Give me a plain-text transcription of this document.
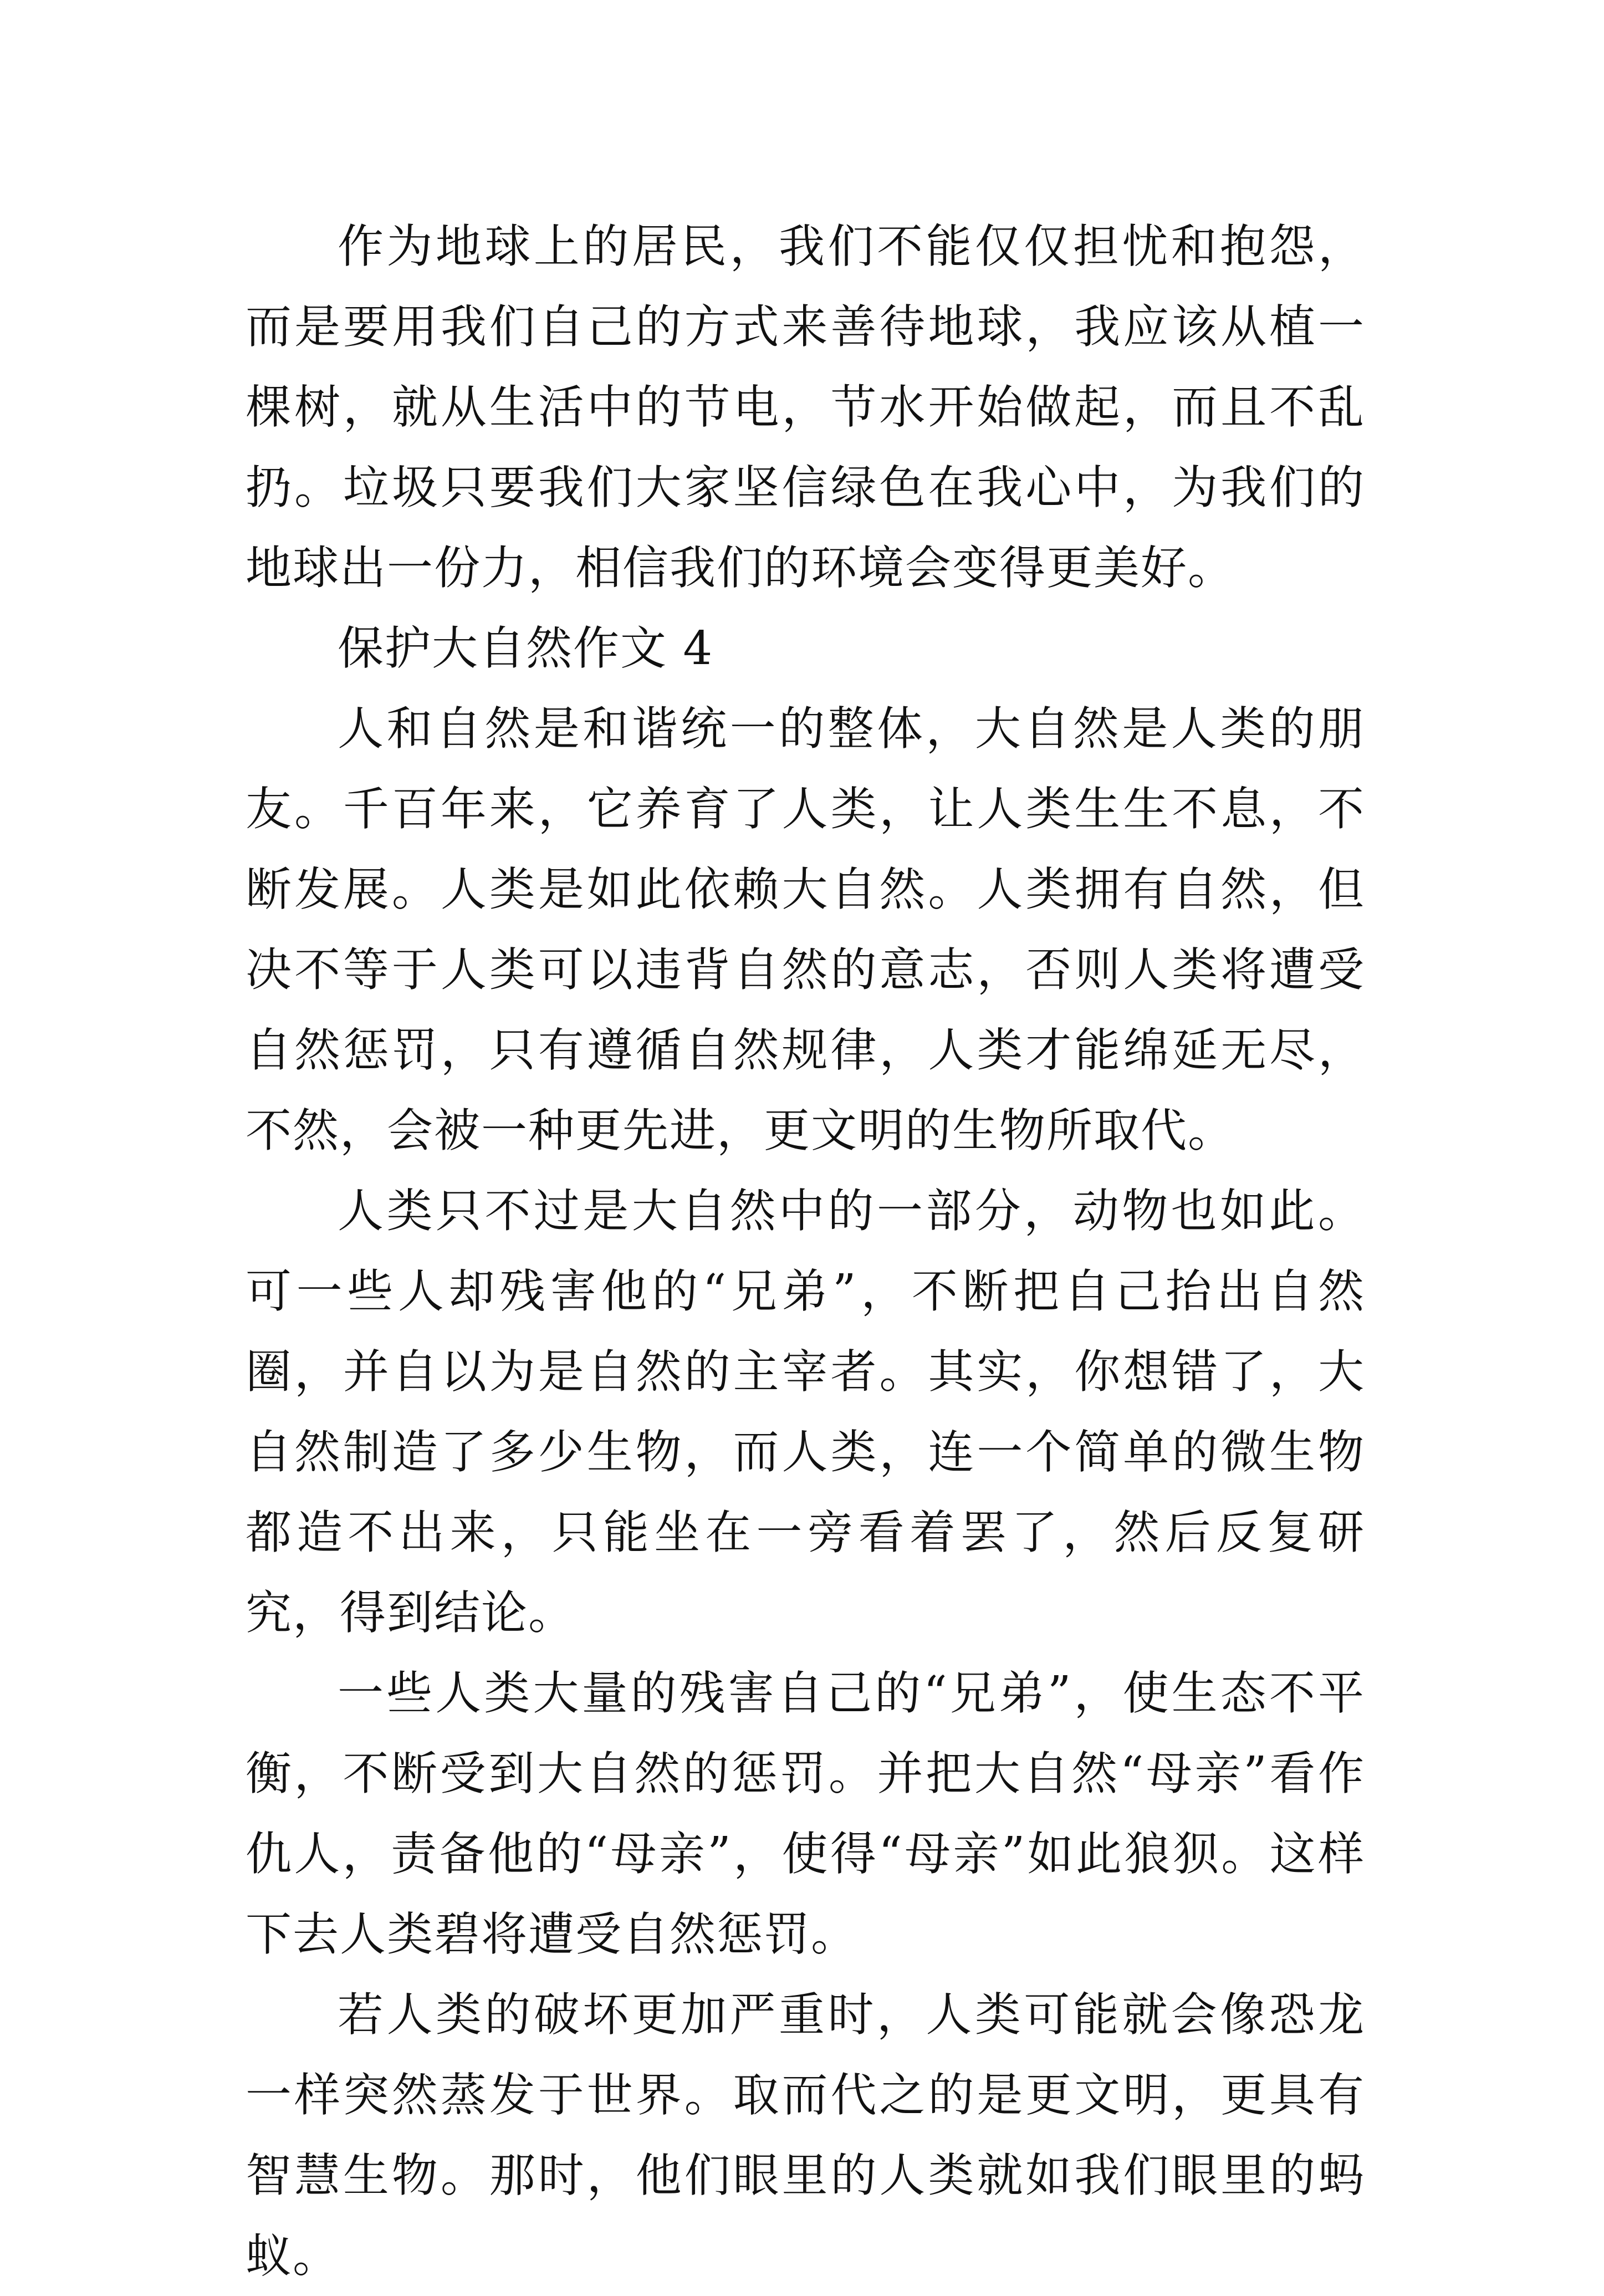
作为地球上的居民，我们不能仅仅担忧和抱怨，而是要用我们自己的方式来善待地球，我应该从植一棵树，就从生活中的节电，节水开始做起，而且不乱扔。垃圾只要我们大家坚信绿色在我心中，为我们的地球出一份力，相信我们的环境会变得更美好。

保护大自然作文 4

人和自然是和谐统一的整体，大自然是人类的朋友。千百年来，它养育了人类，让人类生生不息，不断发展。人类是如此依赖大自然。人类拥有自然，但决不等于人类可以违背自然的意志，否则人类将遭受自然惩罚，只有遵循自然规律，人类才能绵延无尽，不然，会被一种更先进，更文明的生物所取代。

人类只不过是大自然中的一部分，动物也如此。可一些人却残害他的“兄弟”，不断把自己抬出自然圈，并自以为是自然的主宰者。其实，你想错了，大自然制造了多少生物，而人类，连一个简单的微生物都造不出来，只能坐在一旁看着罢了，然后反复研究，得到结论。

一些人类大量的残害自己的“兄弟”，使生态不平衡，不断受到大自然的惩罚。并把大自然“母亲”看作仇人，责备他的“母亲”，使得“母亲”如此狼狈。这样下去人类碧将遭受自然惩罚。

若人类的破坏更加严重时，人类可能就会像恐龙一样突然蒸发于世界。取而代之的是更文明，更具有智慧生物。那时，他们眼里的人类就如我们眼里的蚂蚁。
